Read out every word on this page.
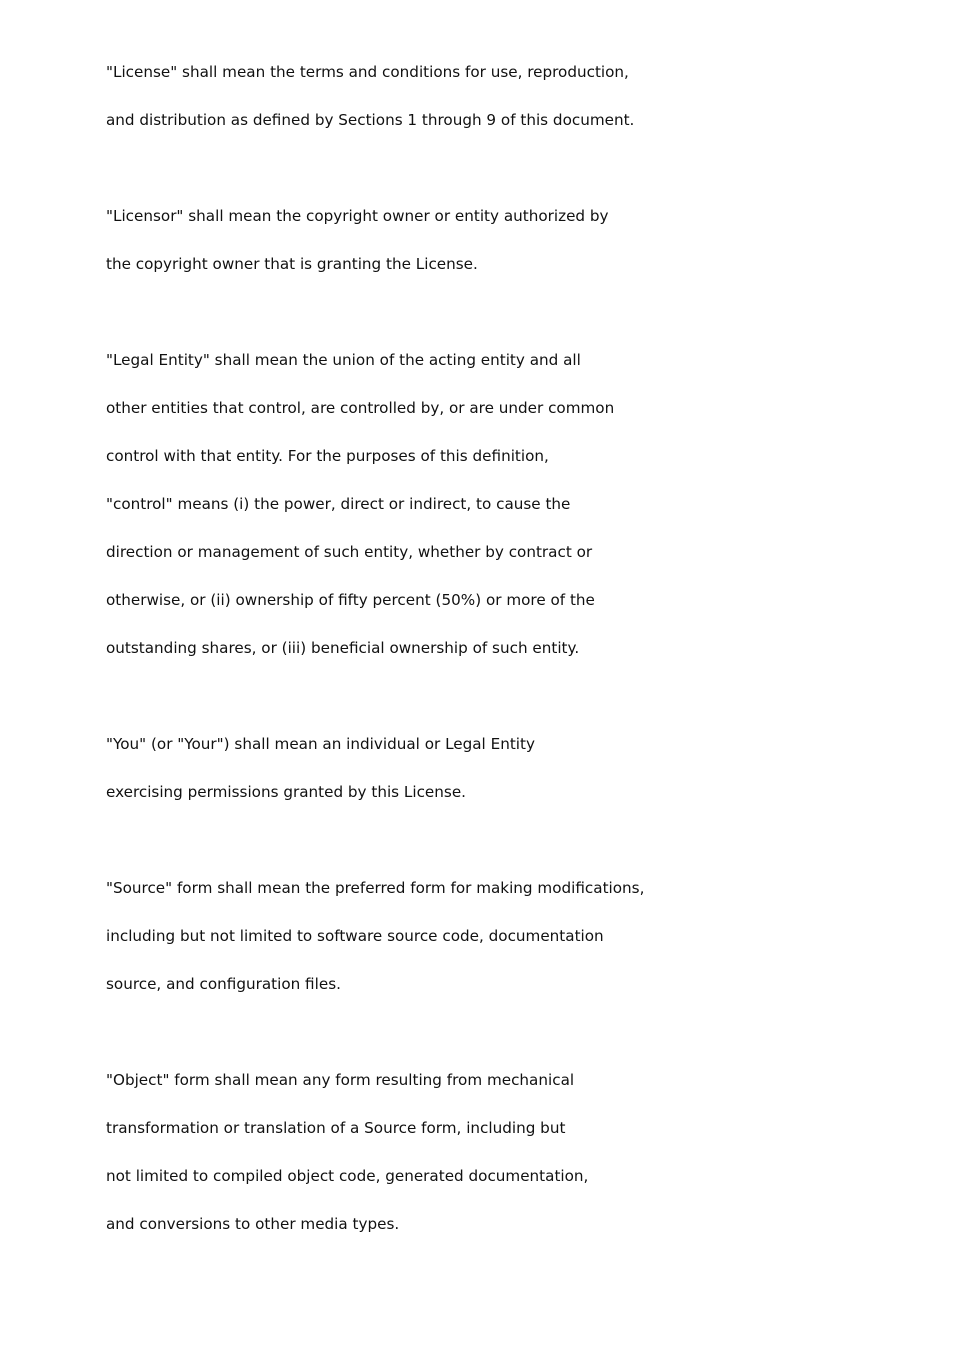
"License" shall mean the terms and conditions for use, reproduction,
and distribution as defined by Sections 1 through 9 of this document.
"Licensor" shall mean the copyright owner or entity authorized by
the copyright owner that is granting the License.
"Legal Entity" shall mean the union of the acting entity and all
other entities that control, are controlled by, or are under common
control with that entity. For the purposes of this definition,
"control" means (i) the power, direct or indirect, to cause the
direction or management of such entity, whether by contract or
otherwise, or (ii) ownership of fifty percent (50%) or more of the
outstanding shares, or (iii) beneficial ownership of such entity.
"You" (or "Your") shall mean an individual or Legal Entity
exercising permissions granted by this License.
"Source" form shall mean the preferred form for making modifications,
including but not limited to software source code, documentation
source, and configuration files.
"Object" form shall mean any form resulting from mechanical
transformation or translation of a Source form, including but
not limited to compiled object code, generated documentation,
and conversions to other media types.
